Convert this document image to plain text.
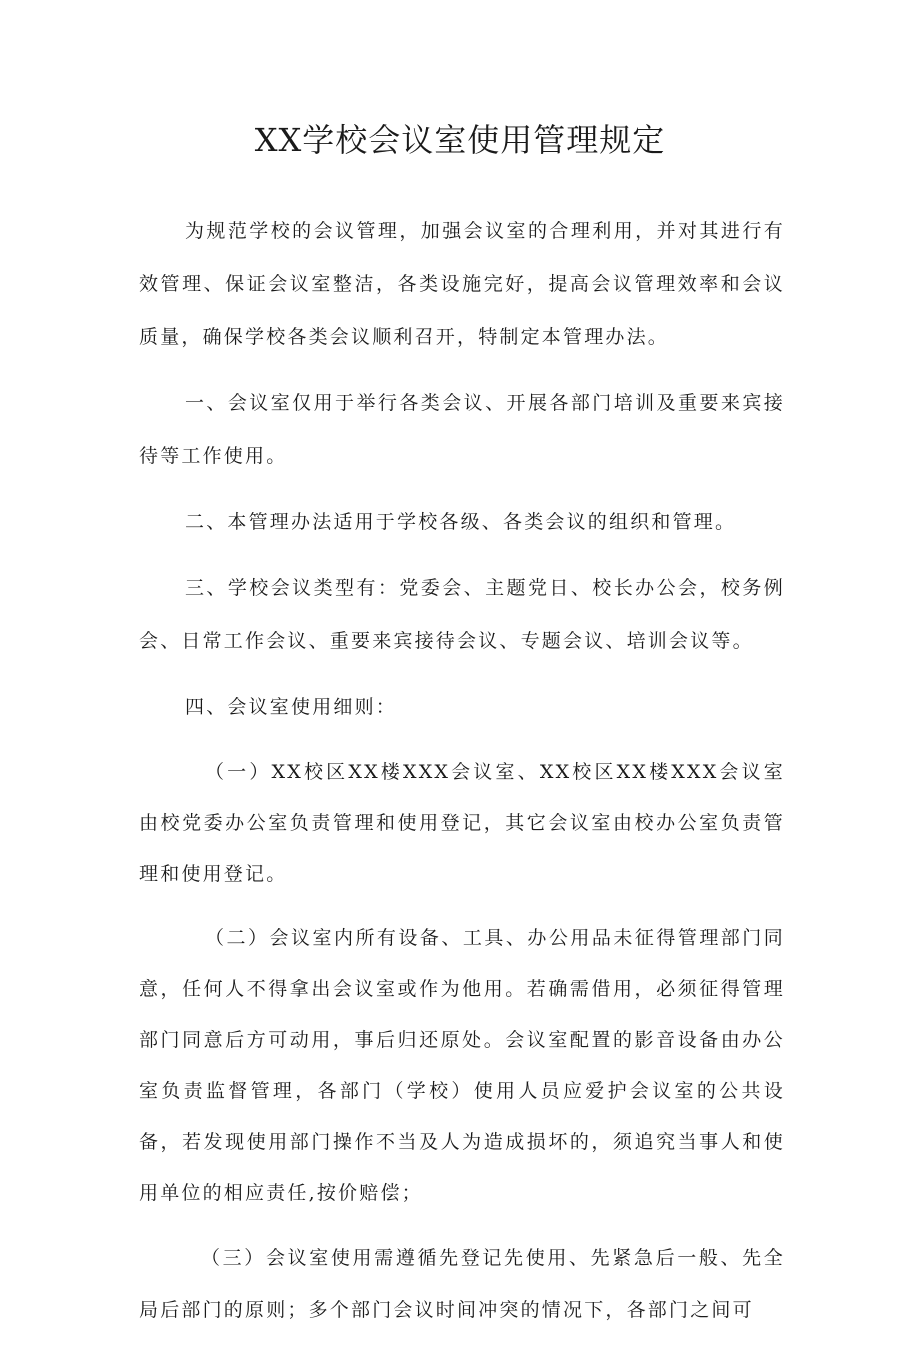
XX学校会议室使用管理规定

为规范学校的会议管理，加强会议室的合理利用，并对其进行有效管理、保证会议室整洁，各类设施完好，提高会议管理效率和会议质量，确保学校各类会议顺利召开，特制定本管理办法。

一、会议室仅用于举行各类会议、开展各部门培训及重要来宾接待等工作使用。

二、本管理办法适用于学校各级、各类会议的组织和管理。

三、学校会议类型有：党委会、主题党日、校长办公会，校务例会、日常工作会议、重要来宾接待会议、专题会议、培训会议等。

四、会议室使用细则：

（一）XX校区XX楼XXX会议室、XX校区XX楼XXX会议室由校党委办公室负责管理和使用登记，其它会议室由校办公室负责管理和使用登记。

（二）会议室内所有设备、工具、办公用品未征得管理部门同意，任何人不得拿出会议室或作为他用。若确需借用，必须征得管理部门同意后方可动用，事后归还原处。会议室配置的影音设备由办公室负责监督管理，各部门（学校）使用人员应爱护会议室的公共设备，若发现使用部门操作不当及人为造成损坏的，须追究当事人和使用单位的相应责任,按价赔偿；

（三）会议室使用需遵循先登记先使用、先紧急后一般、先全局后部门的原则；多个部门会议时间冲突的情况下，各部门之间可
